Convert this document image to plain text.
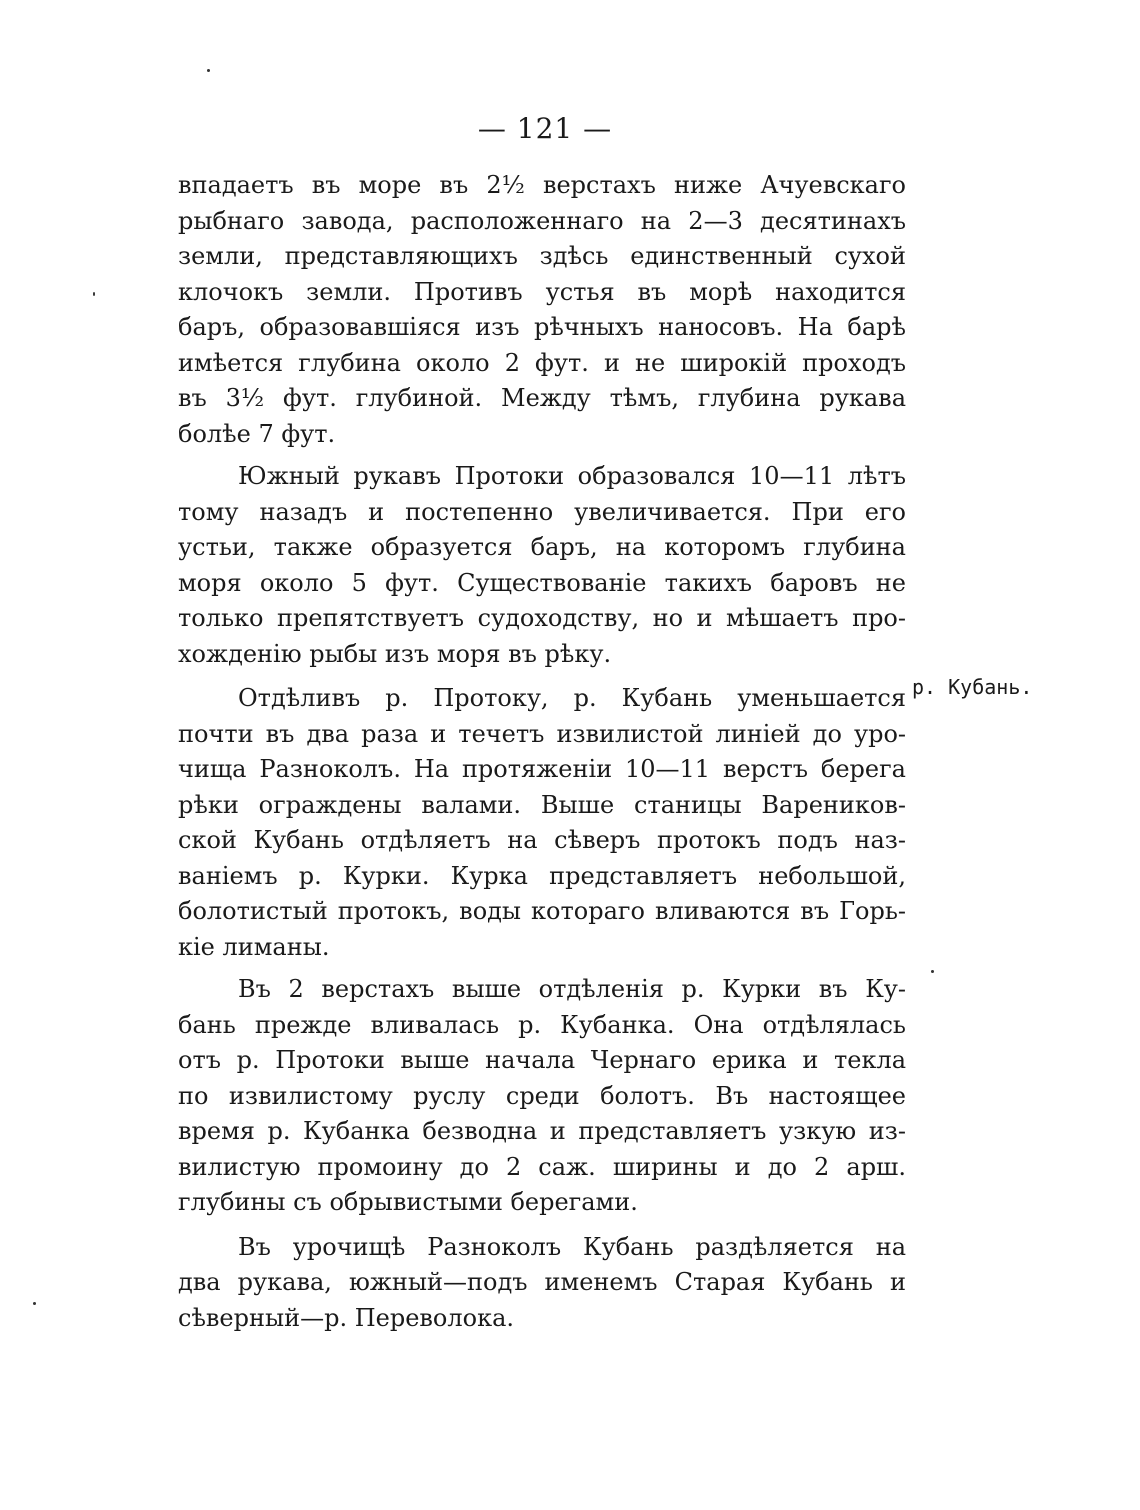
— 121 —
впадаетъ въ море въ 2½ верстахъ ниже Ачуевскаго
рыбнаго завода, расположеннаго на 2—3 десятинахъ
земли, представляющихъ здѣсь единственный сухой
клочокъ земли. Противъ устья въ морѣ находится
баръ, образовавшіяся изъ рѣчныхъ наносовъ. На барѣ
имѣется глубина около 2 фут. и не широкій проходъ
въ 3½ фут. глубиной. Между тѣмъ, глубина рукава
болѣе 7 фут.
Южный рукавъ Протоки образовался 10—11 лѣтъ
тому назадъ и постепенно увеличивается. При его
устьи, также образуется баръ, на которомъ глубина
моря около 5 фут. Существованіе такихъ баровъ не
только препятствуетъ судоходству, но и мѣшаетъ про-
хожденію рыбы изъ моря въ рѣку.
Отдѣливъ р. Протоку, р. Кубань уменьшается
почти въ два раза и течетъ извилистой линіей до уро-
чища Разноколъ. На протяженіи 10—11 верстъ берега
рѣки ограждены валами. Выше станицы Вареников-
ской Кубань отдѣляетъ на сѣверъ протокъ подъ наз-
ваніемъ р. Курки. Курка представляетъ небольшой,
болотистый протокъ, воды котораго вливаются въ Горь-
кіе лиманы.
Въ 2 верстахъ выше отдѣленія р. Курки въ Ку-
бань прежде вливалась р. Кубанка. Она отдѣлялась
отъ р. Протоки выше начала Чернаго ерика и текла
по извилистому руслу среди болотъ. Въ настоящее
время р. Кубанка безводна и представляетъ узкую из-
вилистую промоину до 2 саж. ширины и до 2 арш.
глубины съ обрывистыми берегами.
Въ урочищѣ Разноколъ Кубань раздѣляется на
два рукава, южный—подъ именемъ Старая Кубань и
сѣверный—р. Переволока.
р. Кубань.
